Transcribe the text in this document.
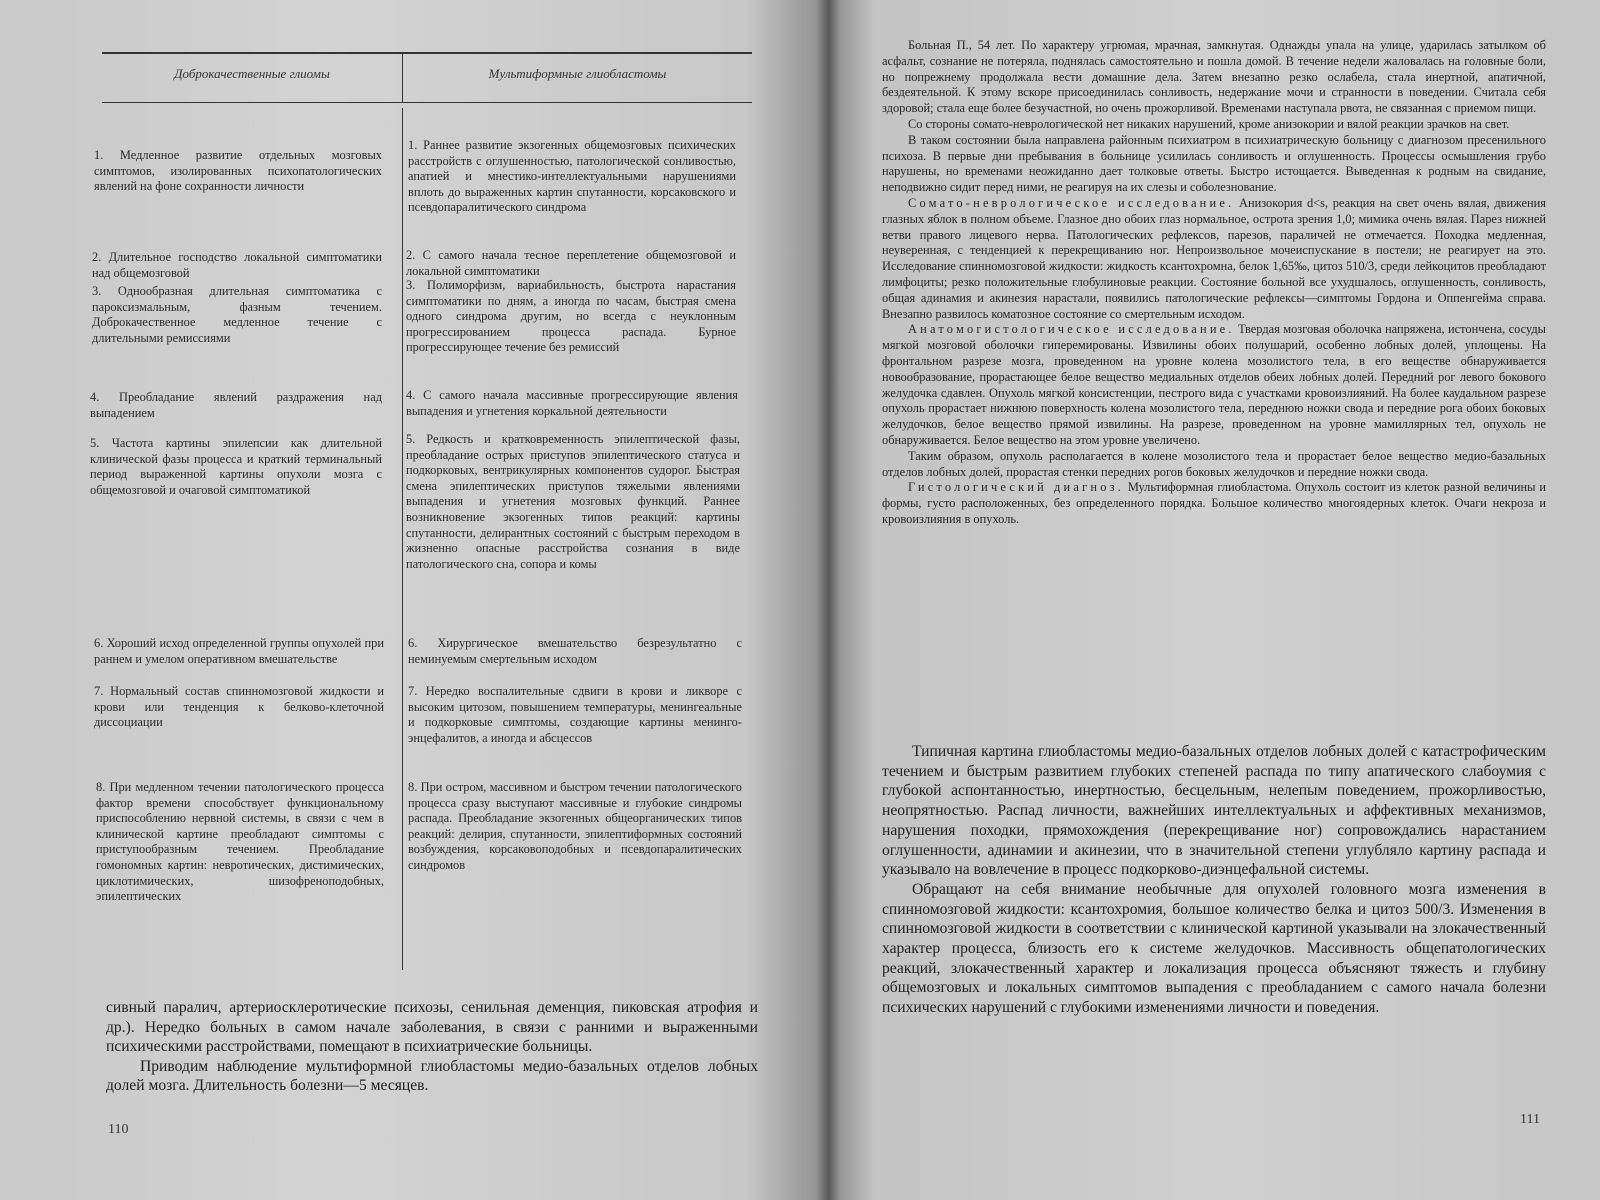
Доброкачественные глиомы	Мультиформные глиобластомы
1. Медленное развитие отдельных мозговых симптомов, изолированных психопатологических явлений на фоне сохранности личности
1. Раннее развитие экзогенных общемозговых психических расстройств с оглушенностью, патологической сонливостью, апатией и мнестико-интеллектуальными нарушениями вплоть до выраженных картин спутанности, корсаковского и псевдопаралитического синдрома
2. Длительное господство локальной симптоматики над общемозговой
2. С самого начала тесное переплетение общемозговой и локальной симптоматики
3. Однообразная длительная симптоматика с пароксизмальным, фазным течением. Доброкачественное медленное течение с длительными ремиссиями
3. Полиморфизм, вариабильность, быстрота нарастания симптоматики по дням, а иногда по часам, быстрая смена одного синдрома другим, но всегда с неуклонным прогрессированием процесса распада. Бурное прогрессирующее течение без ремиссий
4. Преобладание явлений раздражения над выпадением
4. С самого начала массивные прогрессирующие явления выпадения и угнетения коркальной деятельности
5. Частота картины эпилепсии как длительной клинической фазы процесса и краткий терминальный период выраженной картины опухоли мозга с общемозговой и очаговой симптоматикой
5. Редкость и кратковременность эпилептической фазы, преобладание острых приступов эпилептического статуса и подкорковых, вентрикулярных компонентов судорог. Быстрая смена эпилептических приступов тяжелыми явлениями выпадения и угнетения мозговых функций. Раннее возникновение экзогенных типов реакций: картины спутанности, делирантных состояний с быстрым переходом в жизненно опасные расстройства сознания в виде патологического сна, сопора и комы
6. Хороший исход определенной группы опухолей при раннем и умелом оперативном вмешательстве
6. Хирургическое вмешательство безрезультатно с неминуемым смертельным исходом
7. Нормальный состав спинномозговой жидкости и крови или тенденция к белково-клеточной диссоциации
7. Нередко воспалительные сдвиги в крови и ликворе с высоким цитозом, повышением температуры, менингеальные и подкорковые симптомы, создающие картины менинго-энцефалитов, а иногда и абсцессов
8. При медленном течении патологического процесса фактор времени способствует функциональному приспособлению нервной системы, в связи с чем в клинической картине преобладают симптомы с приступообразным течением. Преобладание гомономных картин: невротических, дистимических, циклотимических, шизофреноподобных, эпилептических
8. При остром, массивном и быстром течении патологического процесса сразу выступают массивные и глубокие синдромы распада. Преобладание экзогенных общеорганических типов реакций: делирия, спутанности, эпилептиформных состояний возбуждения, корсаковоподобных и псевдопаралитических синдромов

сивный паралич, артериосклеротические психозы, сенильная деменция, пиковская атрофия и др.). Нередко больных в самом начале заболевания, в связи с ранними и выраженными психическими расстройствами, помещают в психиатрические больницы.

Приводим наблюдение мультиформной глиобластомы медио-базальных отделов лобных долей мозга. Длительность болезни—5 месяцев.

110

Больная П., 54 лет. По характеру угрюмая, мрачная, замкнутая. Однажды упала на улице, ударилась затылком об асфальт, сознание не потеряла, поднялась самостоятельно и пошла домой. В течение недели жаловалась на головные боли, но попрежнему продолжала вести домашние дела. Затем внезапно резко ослабела, стала инертной, апатичной, бездеятельной. К этому вскоре присоединилась сонливость, недержание мочи и странности в поведении. Считала себя здоровой; стала еще более безучастной, но очень прожорливой. Временами наступала рвота, не связанная с приемом пищи.

Со стороны сомато-неврологической нет никаких нарушений, кроме анизокории и вялой реакции зрачков на свет.

В таком состоянии была направлена районным психиатром в психиатрическую больницу с диагнозом пресенильного психоза. В первые дни пребывания в больнице усилилась сонливость и оглушенность. Процессы осмышления грубо нарушены, но временами неожиданно дает толковые ответы. Быстро истощается. Выведенная к родным на свидание, неподвижно сидит перед ними, не реагируя на их слезы и соболезнование.

Сомато-неврологическое исследование. Анизокория d<s, реакция на свет очень вялая, движения глазных яблок в полном объеме. Глазное дно обоих глаз нормальное, острота зрения 1,0; мимика очень вялая. Парез нижней ветви правого лицевого нерва. Патологических рефлексов, парезов, параличей не отмечается. Походка медленная, неуверенная, с тенденцией к перекрещиванию ног. Непроизвольное мочеиспускание в постели; не реагирует на это. Исследование спинномозговой жидкости: жидкость ксантохромна, белок 1,65‰, цитоз 510/3, среди лейкоцитов преобладают лимфоциты; резко положительные глобулиновые реакции. Состояние больной все ухудшалось, оглушенность, сонливость, общая адинамия и акинезия нарастали, появились патологические рефлексы—симптомы Гордона и Оппенгейма справа. Внезапно развилось коматозное состояние со смертельным исходом.

Анатомогистологическое исследование. Твердая мозговая оболочка напряжена, истончена, сосуды мягкой мозговой оболочки гиперемированы. Извилины обоих полушарий, особенно лобных долей, уплощены. На фронтальном разрезе мозга, проведенном на уровне колена мозолистого тела, в его веществе обнаруживается новообразование, прорастающее белое вещество медиальных отделов обеих лобных долей. Передний рог левого бокового желудочка сдавлен. Опухоль мягкой консистенции, пестрого вида с участками кровоизлияний. На более каудальном разрезе опухоль прорастает нижнюю поверхность колена мозолистого тела, переднюю ножки свода и передние рога обоих боковых желудочков, белое вещество прямой извилины. На разрезе, проведенном на уровне мамиллярных тел, опухоль не обнаруживается. Белое вещество на этом уровне увеличено.

Таким образом, опухоль располагается в колене мозолистого тела и прорастает белое вещество медио-базальных отделов лобных долей, прорастая стенки передних рогов боковых желудочков и передние ножки свода.

Гистологический диагноз. Мультиформная глиобластома. Опухоль состоит из клеток разной величины и формы, густо расположенных, без определенного порядка. Большое количество многоядерных клеток. Очаги некроза и кровоизлияния в опухоль.

Типичная картина глиобластомы медио-базальных отделов лобных долей с катастрофическим течением и быстрым развитием глубоких степеней распада по типу апатического слабоумия с глубокой аспонтанностью, инертностью, бесцельным, нелепым поведением, прожорливостью, неопрятностью. Распад личности, важнейших интеллектуальных и аффективных механизмов, нарушения походки, прямохождения (перекрещивание ног) сопровождались нарастанием оглушенности, адинамии и акинезии, что в значительной степени углубляло картину распада и указывало на вовлечение в процесс подкорково-диэнцефальной системы.

Обращают на себя внимание необычные для опухолей головного мозга изменения в спинномозговой жидкости: ксантохромия, большое количество белка и цитоз 500/3. Изменения в спинномозговой жидкости в соответствии с клинической картиной указывали на злокачественный характер процесса, близость его к системе желудочков. Массивность общепатологических реакций, злокачественный характер и локализация процесса объясняют тяжесть и глубину общемозговых и локальных симптомов выпадения с преобладанием с самого начала болезни психических нарушений с глубокими изменениями личности и поведения.

111
